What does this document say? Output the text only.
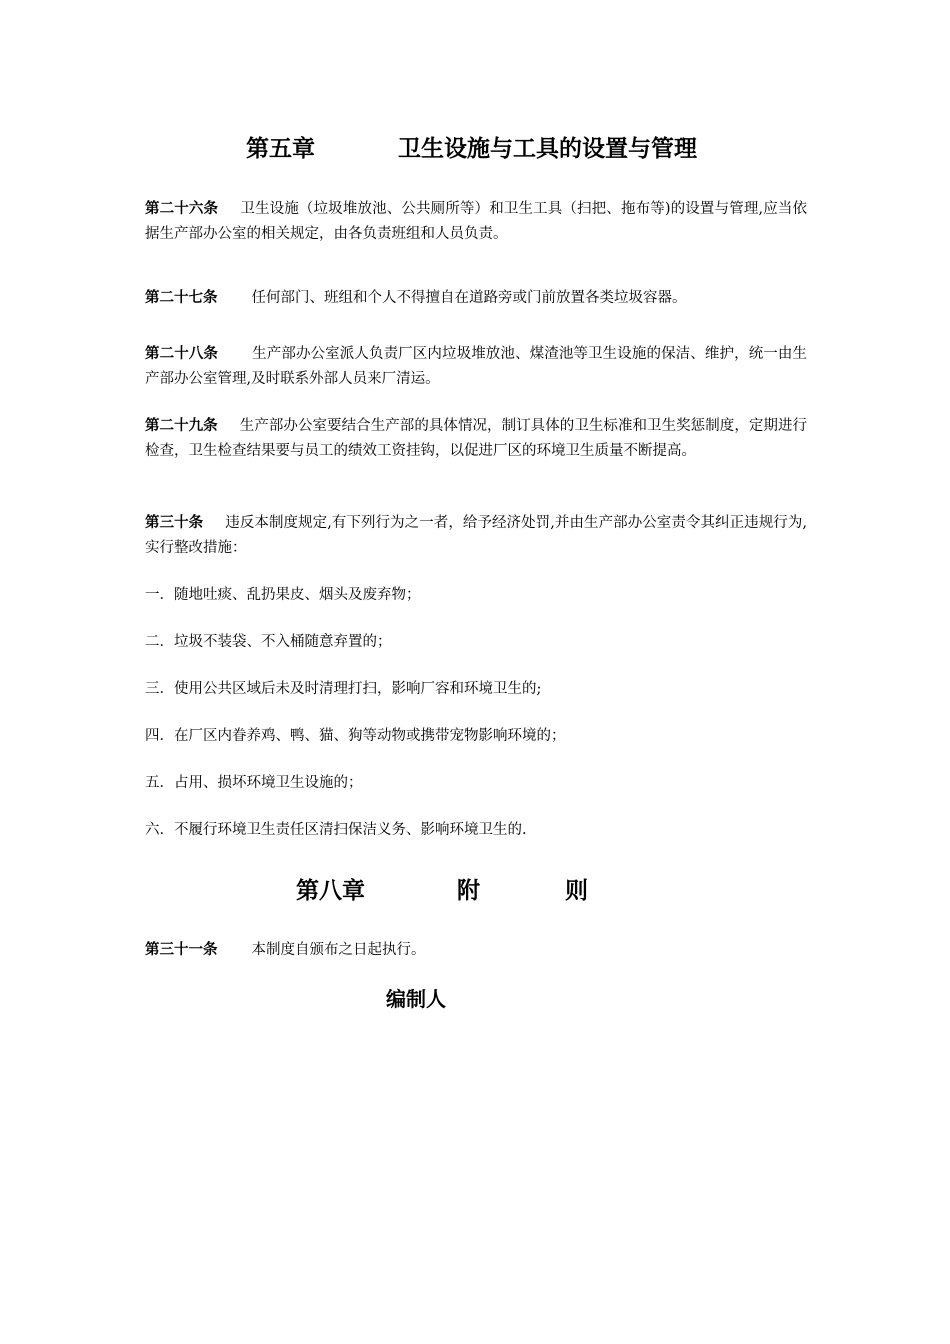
第五章	卫生设施与工具的设置与管理
第二十六条 卫生设施（垃圾堆放池、公共厕所等）和卫生工具（扫把、拖布等)的设置与管理,应当依据生产部办公室的相关规定，由各负责班组和人员负责。
第二十七条 任何部门、班组和个人不得擅自在道路旁或门前放置各类垃圾容器。
第二十八条 生产部办公室派人负责厂区内垃圾堆放池、煤渣池等卫生设施的保洁、维护，统一由生产部办公室管理,及时联系外部人员来厂清运。
第二十九条 生产部办公室要结合生产部的具体情况，制订具体的卫生标准和卫生奖惩制度，定期进行检查，卫生检查结果要与员工的绩效工资挂钩，以促进厂区的环境卫生质量不断提高。
第三十条 违反本制度规定,有下列行为之一者，给予经济处罚,并由生产部办公室责令其纠正违规行为,实行整改措施：
一．随地吐痰、乱扔果皮、烟头及废弃物；
二．垃圾不装袋、不入桶随意弃置的；
三．使用公共区域后未及时清理打扫，影响厂容和环境卫生的;
四．在厂区内眷养鸡、鸭、猫、狗等动物或携带宠物影响环境的；
五．占用、损坏环境卫生设施的；
六．不履行环境卫生责任区清扫保洁义务、影响环境卫生的.
第八章	附	则
第三十一条 本制度自颁布之日起执行。
编制人
